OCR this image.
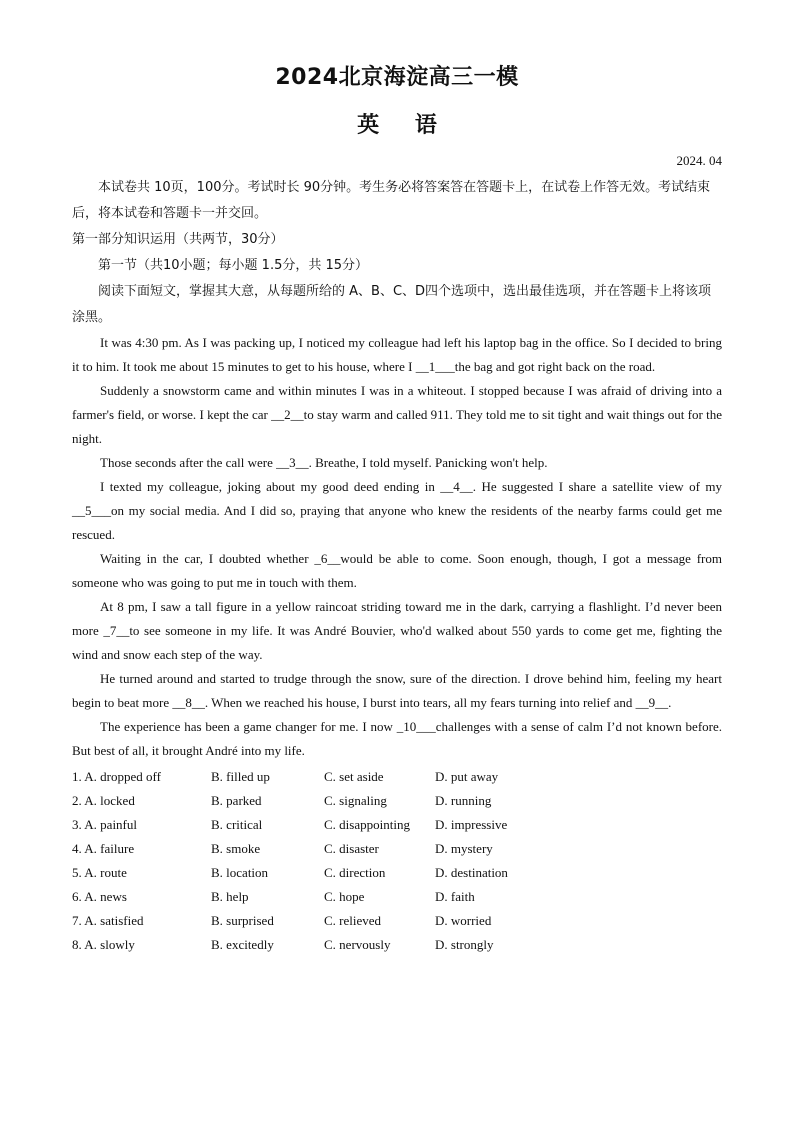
2024北京海淀高三一模
英 语
2024. 04

本试卷共 10页，100分。考试时长 90分钟。考生务必将答案答在答题卡上，在试卷上作答无效。考试结束后，将本试卷和答题卡一并交回。

第一部分知识运用（共两节，30分）

第一节（共10小题；每小题 1.5分，共 15分）

阅读下面短文，掌握其大意，从每题所给的 A、B、C、D四个选项中，选出最佳选项，并在答题卡上将该项涂黑。

It was 4:30 pm. As I was packing up, I noticed my colleague had left his laptop bag in the office. So I decided to bring it to him. It took me about 15 minutes to get to his house, where I __1___the bag and got right back on the road.

Suddenly a snowstorm came and within minutes I was in a whiteout. I stopped because I was afraid of driving into a farmer's field, or worse. I kept the car __2__to stay warm and called 911. They told me to sit tight and wait things out for the night.

Those seconds after the call were __3__. Breathe, I told myself. Panicking won't help.

I texted my colleague, joking about my good deed ending in __4__. He suggested I share a satellite view of my __5___on my social media. And I did so, praying that anyone who knew the residents of the nearby farms could get me rescued.

Waiting in the car, I doubted whether _6__would be able to come. Soon enough, though, I got a message from someone who was going to put me in touch with them.

At 8 pm, I saw a tall figure in a yellow raincoat striding toward me in the dark, carrying a flashlight. I’d never been more _7__to see someone in my life. It was André Bouvier, who'd walked about 550 yards to come get me, fighting the wind and snow each step of the way.

He turned around and started to trudge through the snow, sure of the direction. I drove behind him, feeling my heart begin to beat more __8__. When we reached his house, I burst into tears, all my fears turning into relief and __9__.

The experience has been a game changer for me. I now _10___challenges with a sense of calm I’d not known before. But best of all, it brought André into my life.

1. A. dropped off	B. filled up	C. set aside	D. put away
2. A. locked	B. parked	C. signaling	D. running
3. A. painful	B. critical	C. disappointing	D. impressive
4. A. failure	B. smoke	C. disaster	D. mystery
5. A. route	B. location	C. direction	D. destination
6. A. news	B. help	C. hope	D. faith
7. A. satisfied	B. surprised	C. relieved	D. worried
8. A. slowly	B. excitedly	C. nervously	D. strongly
